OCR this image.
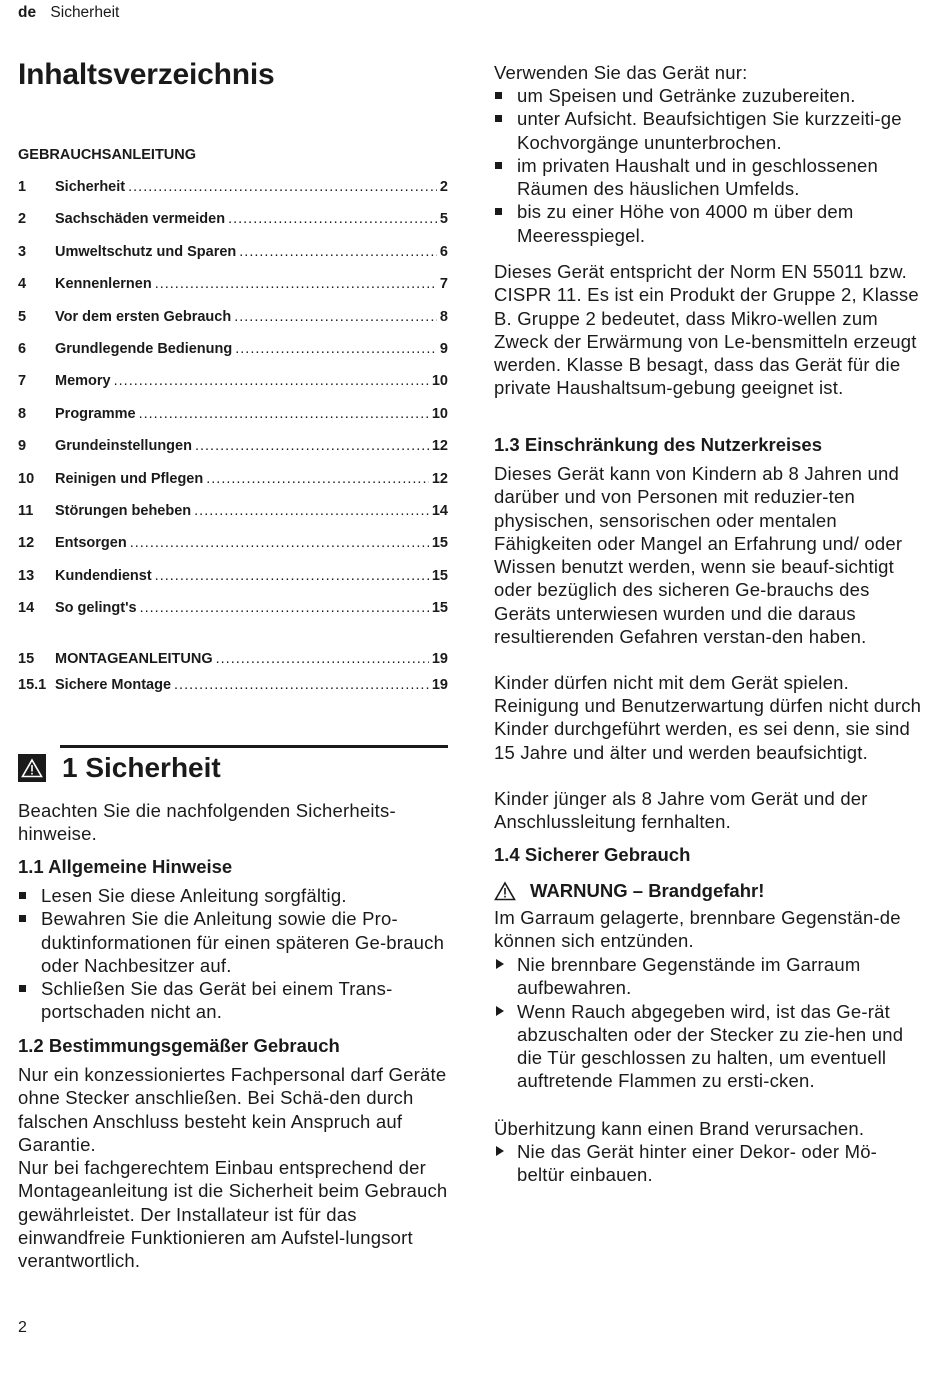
de Sicherheit
Inhaltsverzeichnis
GEBRAUCHSANLEITUNG
1	Sicherheit .....	2
2	Sachschäden vermeiden .....	5
3	Umweltschutz und Sparen .....	6
4	Kennenlernen .....	7
5	Vor dem ersten Gebrauch .....	8
6	Grundlegende Bedienung .....	9
7	Memory .....	10
8	Programme .....	10
9	Grundeinstellungen .....	12
10	Reinigen und Pflegen .....	12
11	Störungen beheben .....	14
12	Entsorgen .....	15
13	Kundendienst .....	15
14	So gelingt's .....	15
15	MONTAGEANLEITUNG .....	19
15.1 Sichere Montage .....	19
1 Sicherheit

Beachten Sie die nachfolgenden Sicherheits-hinweise.

1.1 Allgemeine Hinweise
Lesen Sie diese Anleitung sorgfältig.
Bewahren Sie die Anleitung sowie die Pro-duktinformationen für einen späteren Ge-brauch oder Nachbesitzer auf.
Schließen Sie das Gerät bei einem Trans-portschaden nicht an.
1.2 Bestimmungsgemäßer Gebrauch

Nur ein konzessioniertes Fachpersonal darf Geräte ohne Stecker anschließen. Bei Schä-den durch falschen Anschluss besteht kein Anspruch auf Garantie.

Nur bei fachgerechtem Einbau entsprechend der Montageanleitung ist die Sicherheit beim Gebrauch gewährleistet. Der Installateur ist für das einwandfreie Funktionieren am Aufstel-lungsort verantwortlich.

2

Verwenden Sie das Gerät nur:

um Speisen und Getränke zuzubereiten.
unter Aufsicht. Beaufsichtigen Sie kurzzeiti-ge Kochvorgänge ununterbrochen.
im privaten Haushalt und in geschlossenen Räumen des häuslichen Umfelds.
bis zu einer Höhe von 4000 m über dem Meeresspiegel.

Dieses Gerät entspricht der Norm EN 55011 bzw. CISPR 11. Es ist ein Produkt der Gruppe 2, Klasse B. Gruppe 2 bedeutet, dass Mikro-wellen zum Zweck der Erwärmung von Le-bensmitteln erzeugt werden. Klasse B besagt, dass das Gerät für die private Haushaltsum-gebung geeignet ist.

1.3 Einschränkung des Nutzerkreises

Dieses Gerät kann von Kindern ab 8 Jahren und darüber und von Personen mit reduzier-ten physischen, sensorischen oder mentalen Fähigkeiten oder Mangel an Erfahrung und/ oder Wissen benutzt werden, wenn sie beauf-sichtigt oder bezüglich des sicheren Ge-brauchs des Geräts unterwiesen wurden und die daraus resultierenden Gefahren verstan-den haben.

Kinder dürfen nicht mit dem Gerät spielen.

Reinigung und Benutzerwartung dürfen nicht durch Kinder durchgeführt werden, es sei denn, sie sind 15 Jahre und älter und werden beaufsichtigt.

Kinder jünger als 8 Jahre vom Gerät und der Anschlussleitung fernhalten.

1.4 Sicherer Gebrauch
WARNUNG – Brandgefahr!

Im Garraum gelagerte, brennbare Gegenstän-de können sich entzünden.

Nie brennbare Gegenstände im Garraum aufbewahren.
Wenn Rauch abgegeben wird, ist das Ge-rät abzuschalten oder der Stecker zu zie-hen und die Tür geschlossen zu halten, um eventuell auftretende Flammen zu ersti-cken.

Überhitzung kann einen Brand verursachen.

Nie das Gerät hinter einer Dekor- oder Mö-beltür einbauen.
